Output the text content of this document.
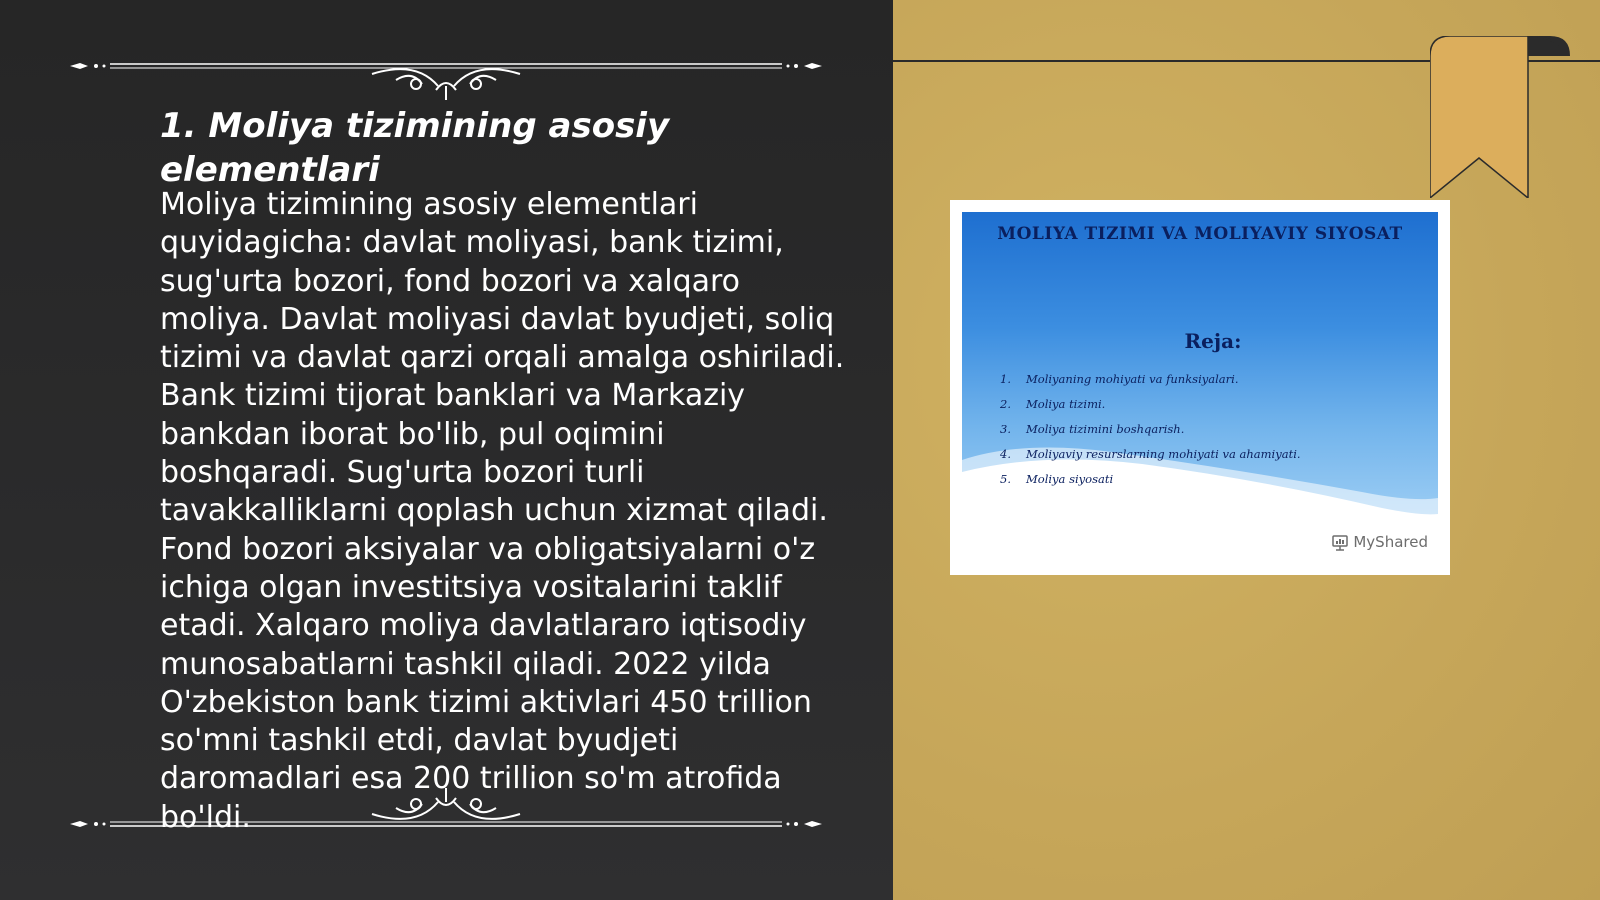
1. Moliya tizimining asosiy elementlari

Moliya tizimining asosiy elementlari quyidagicha: davlat moliyasi, bank tizimi, sug'urta bozori, fond bozori va xalqaro moliya. Davlat moliyasi davlat byudjeti, soliq tizimi va davlat qarzi orqali amalga oshiriladi. Bank tizimi tijorat banklari va Markaziy bankdan iborat bo'lib, pul oqimini boshqaradi. Sug'urta bozori turli tavakkalliklarni qoplash uchun xizmat qiladi. Fond bozori aksiyalar va obligatsiyalarni o'z ichiga olgan investitsiya vositalarini taklif etadi. Xalqaro moliya davlatlararo iqtisodiy munosabatlarni tashkil qiladi. 2022 yilda O'zbekiston bank tizimi aktivlari 450 trillion so'mni tashkil etdi, davlat byudjeti daromadlari esa 200 trillion so'm atrofida bo'ldi.

MOLIYA TIZIMI VA MOLIYAVIY SIYOSAT
Reja:
1.	Moliyaning mohiyati va funksiyalari.
2.	Moliya tizimi.
3.	Moliya tizimini boshqarish.
4.	Moliyaviy resurslarning mohiyati va ahamiyati.
5.	Moliya siyosati
MyShared
